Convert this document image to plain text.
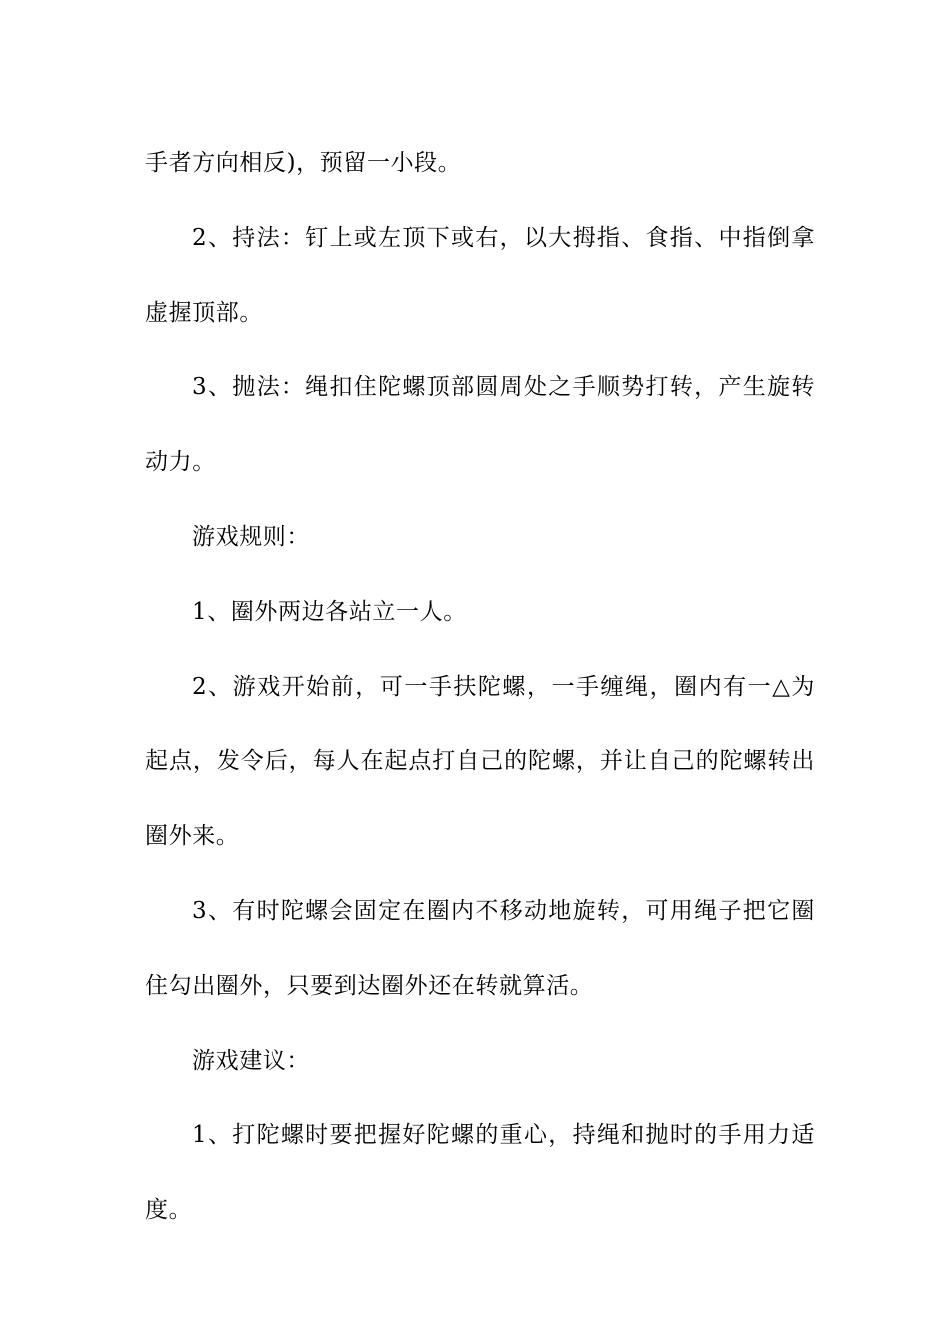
手者方向相反)，预留一小段。

2、持法：钉上或左顶下或右，以大拇指、食指、中指倒拿虚握顶部。

3、抛法：绳扣住陀螺顶部圆周处之手顺势打转，产生旋转动力。

游戏规则：

1、圈外两边各站立一人。

2、游戏开始前，可一手扶陀螺，一手缠绳，圈内有一△为起点，发令后，每人在起点打自己的陀螺，并让自己的陀螺转出圈外来。

3、有时陀螺会固定在圈内不移动地旋转，可用绳子把它圈住勾出圈外，只要到达圈外还在转就算活。

游戏建议：

1、打陀螺时要把握好陀螺的重心，持绳和抛时的手用力适度。
